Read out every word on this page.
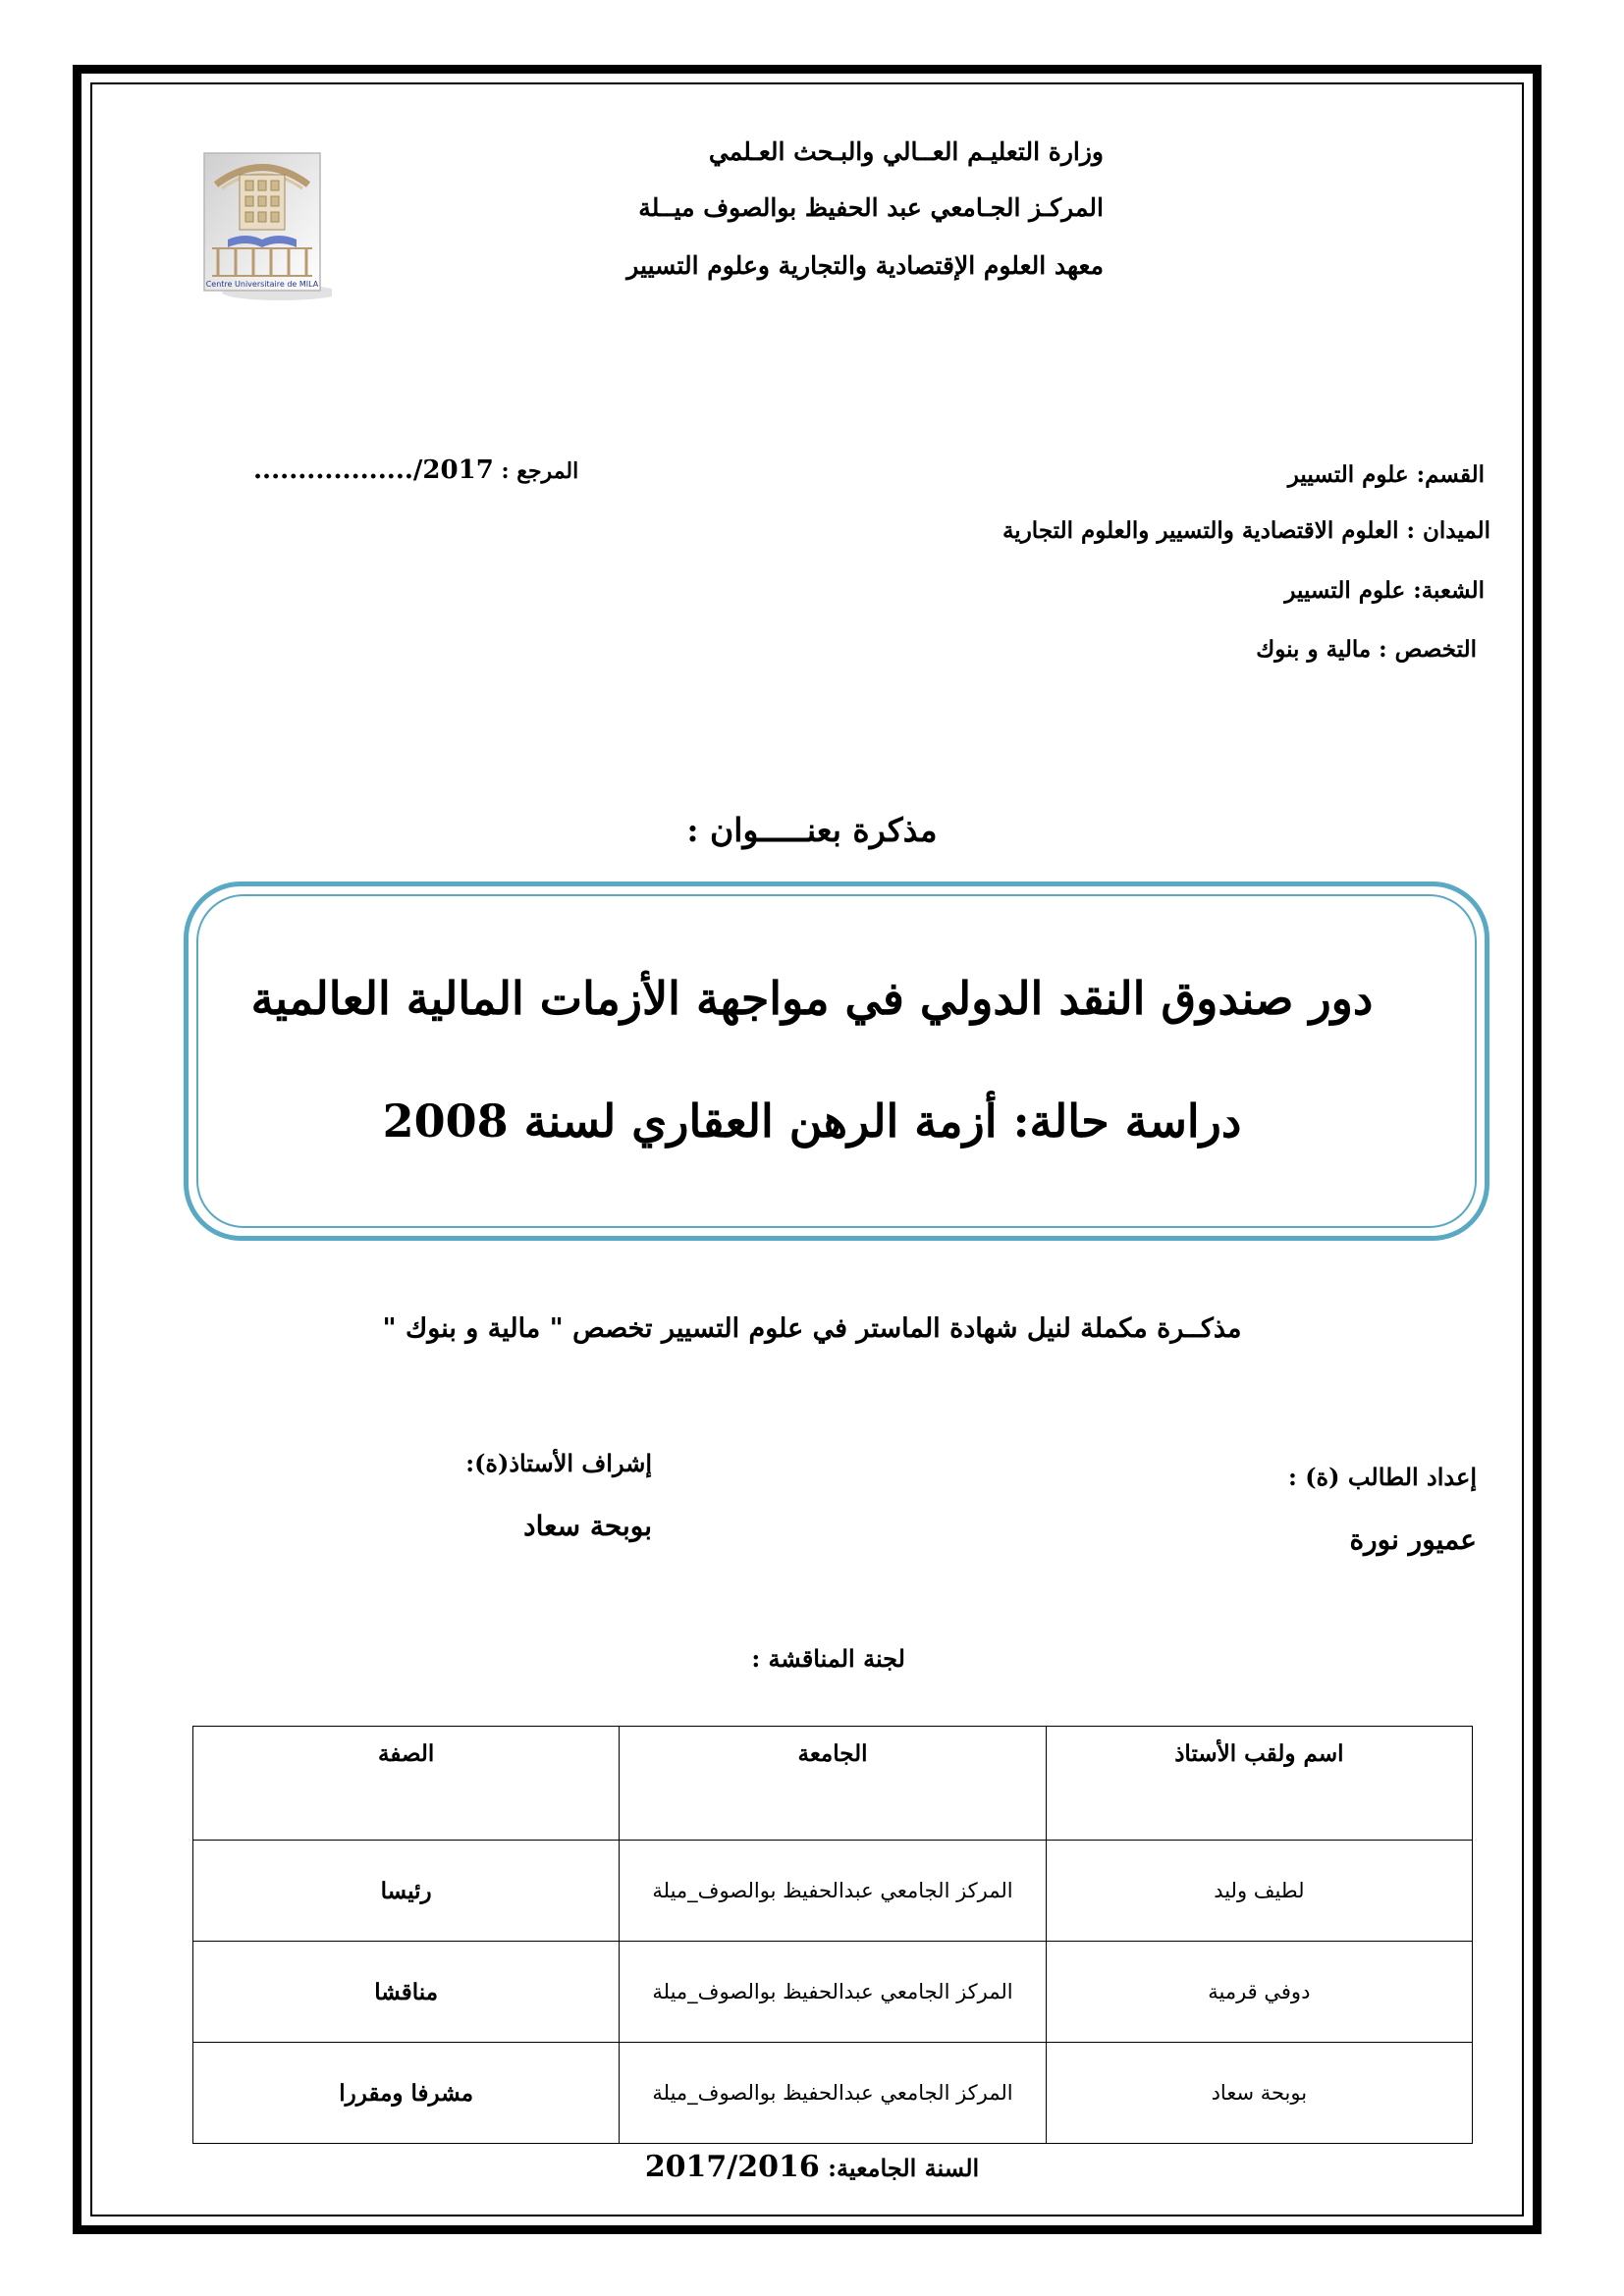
Centre Universitaire de MILA
وزارة التعليـم العــالي والبـحث العـلمي
المركـز الجـامعي عبد الحفيظ بوالصوف ميــلة
معهد العلوم الإقتصادية والتجارية وعلوم التسيير
المرجع : ................../2017	القسم: علوم التسيير
الميدان : العلوم الاقتصادية والتسيير والعلوم التجارية
الشعبة: علوم التسيير
التخصص : مالية و بنوك
مذكرة بعنـــــوان :
دور صندوق النقد الدولي في مواجهة الأزمات المالية العالمية
دراسة حالة: أزمة الرهن العقاري لسنة 2008
مذكــرة مكملة لنيل شهادة الماستر في علوم التسيير تخصص " مالية و بنوك "
إعداد الطالب (ة) :
عميور نورة
إشراف الأستاذ(ة):
بوبحة سعاد
لجنة المناقشة :
اسم ولقب الأستاذ	الجامعة	الصفة
لطيف وليد	المركز الجامعي عبدالحفيظ بوالصوف_ميلة	رئيسا
دوفي قرمية	المركز الجامعي عبدالحفيظ بوالصوف_ميلة	مناقشا
بوبحة سعاد	المركز الجامعي عبدالحفيظ بوالصوف_ميلة	مشرفا ومقررا
السنة الجامعية: 2017/2016
